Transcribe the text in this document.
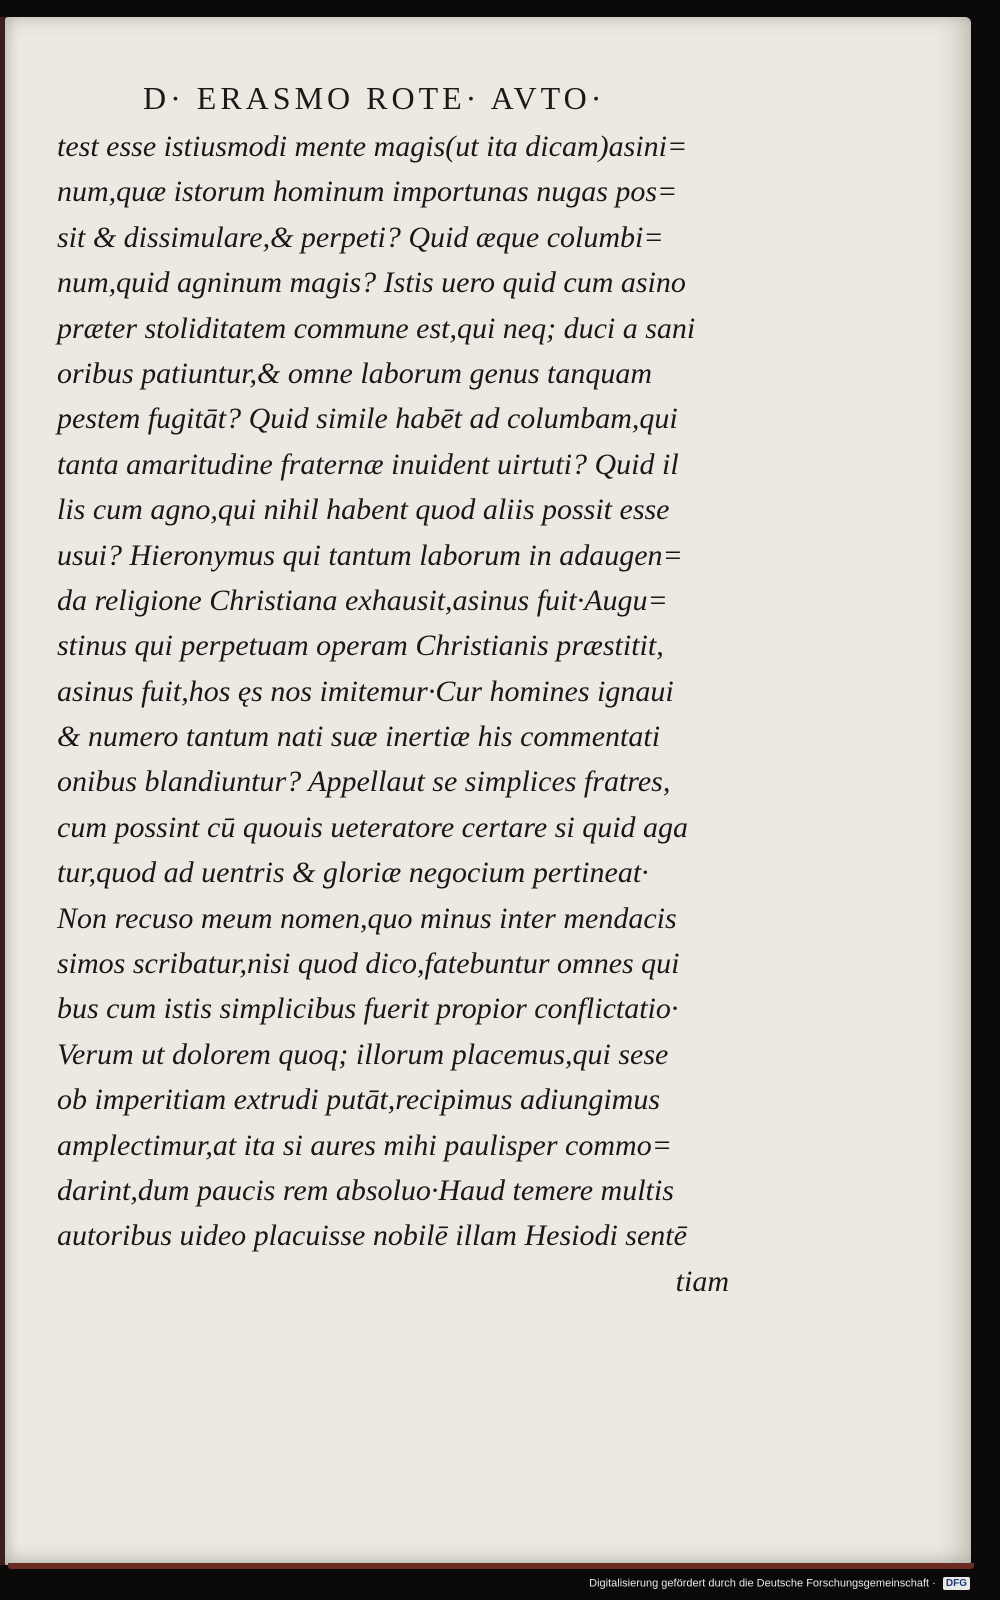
D· ERASMO ROTE· AVTO·
test esse istiusmodi mente magis(ut ita dicam)asini=
num,quæ istorum hominum importunas nugas pos=
sit & dissimulare,& perpeti? Quid æque columbi=
num,quid agninum magis? Istis uero quid cum asino
præter stoliditatem commune est,qui neq; duci a sani
oribus patiuntur,& omne laborum genus tanquam
pestem fugitāt? Quid simile habēt ad columbam,qui
tanta amaritudine fraternæ inuident uirtuti? Quid il
lis cum agno,qui nihil habent quod aliis possit esse
usui? Hieronymus qui tantum laborum in adaugen=
da religione Christiana exhausit,asinus fuit·Augu=
stinus qui perpetuam operam Christianis præstitit,
asinus fuit,hos ęs nos imitemur·Cur homines ignaui
& numero tantum nati suæ inertiæ his commentati
onibus blandiuntur? Appellaut se simplices fratres,
cum possint cū quouis ueteratore certare si quid aga
tur,quod ad uentris & gloriæ negocium pertineat·
Non recuso meum nomen,quo minus inter mendacis
simos scribatur,nisi quod dico,fatebuntur omnes qui
bus cum istis simplicibus fuerit propior conflictatio·
Verum ut dolorem quoq; illorum placemus,qui sese
ob imperitiam extrudi putāt,recipimus adiungimus
amplectimur,at ita si aures mihi paulisper commo=
darint,dum paucis rem absoluo·Haud temere multis
autoribus uideo placuisse nobilē illam Hesiodi sentē
tiam
Digitalisierung gefördert durch die Deutsche Forschungsgemeinschaft · DFG
